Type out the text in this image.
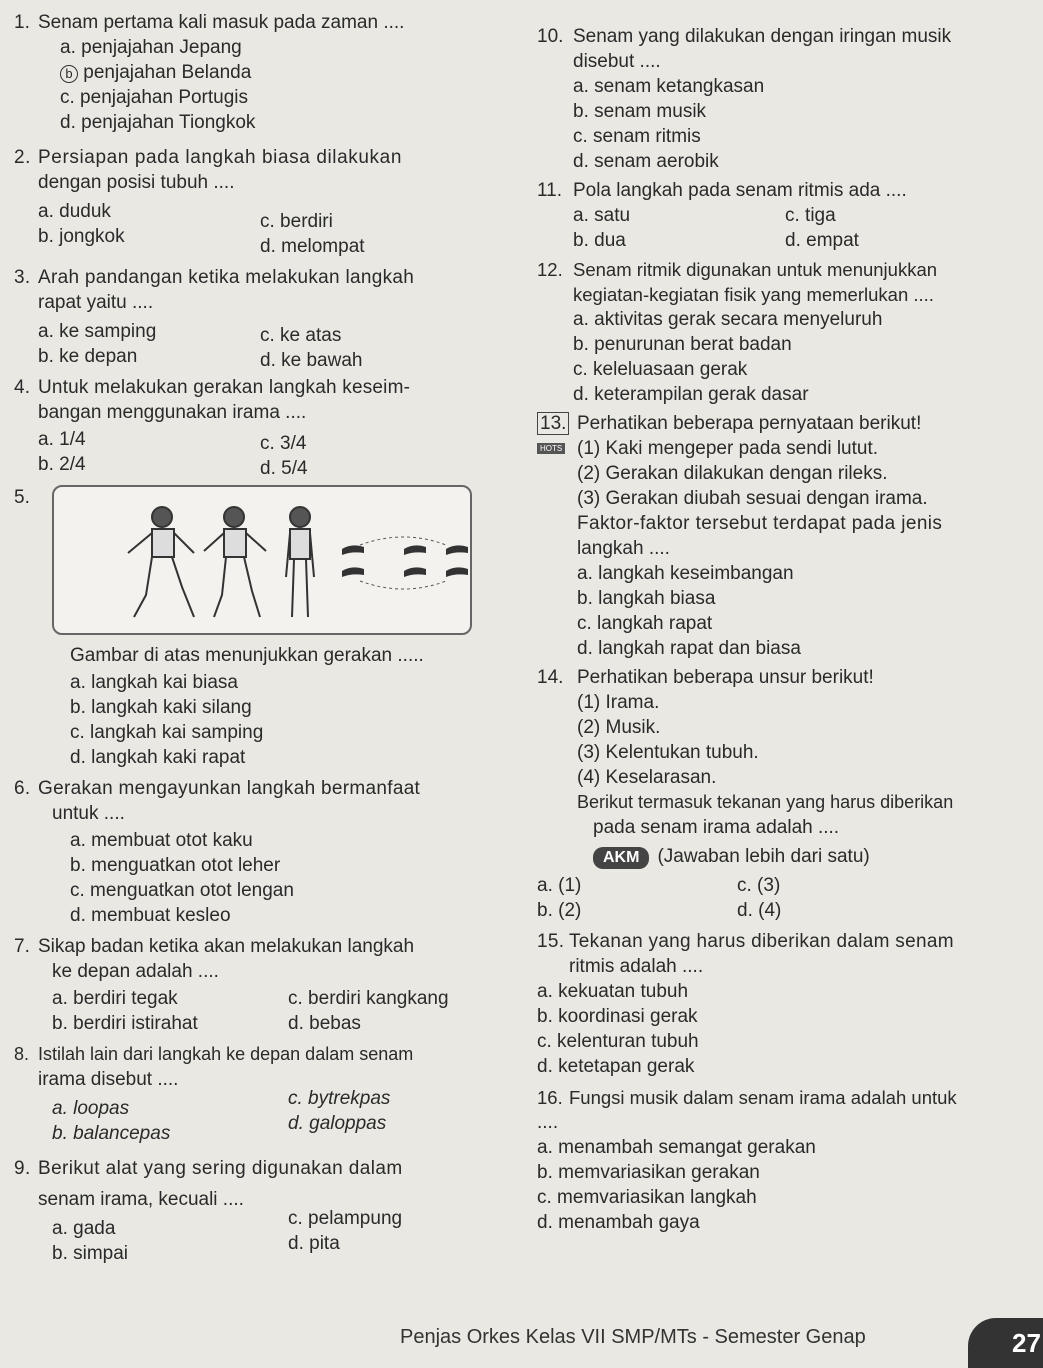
1. Senam pertama kali masuk pada zaman ....
a. penjajahan Jepang
b penjajahan Belanda
c. penjajahan Portugis
d. penjajahan Tiongkok
2. Persiapan pada langkah biasa dilakukan
dengan posisi tubuh ....
a. duduk
b. jongkok
c. berdiri
d. melompat
3. Arah pandangan ketika melakukan langkah
rapat yaitu ....
a. ke samping
b. ke depan
c. ke atas
d. ke bawah
4. Untuk melakukan gerakan langkah keseim-
bangan menggunakan irama ....
a. 1/4
b. 2/4
c. 3/4
d. 5/4
5.
Gambar di atas menunjukkan gerakan .....
a. langkah kai biasa
b. langkah kaki silang
c. langkah kai samping
d. langkah kaki rapat
6. Gerakan mengayunkan langkah bermanfaat
untuk ....
a. membuat otot kaku
b. menguatkan otot leher
c. menguatkan otot lengan
d. membuat kesleo
7. Sikap badan ketika akan melakukan langkah
ke depan adalah ....
a. berdiri tegak
b. berdiri istirahat
c. berdiri kangkang
d. bebas
8. Istilah lain dari langkah ke depan dalam senam
irama disebut ....
a. loopas
b. balancepas
c. bytrekpas
d. galoppas
9. Berikut alat yang sering digunakan dalam
senam irama, kecuali ....
a. gada
b. simpai
c. pelampung
d. pita
10. Senam yang dilakukan dengan iringan musik
disebut ....
a. senam ketangkasan
b. senam musik
c. senam ritmis
d. senam aerobik
11. Pola langkah pada senam ritmis ada ....
a. satu
b. dua
c. tiga
d. empat
12. Senam ritmik digunakan untuk menunjukkan
kegiatan-kegiatan fisik yang memerlukan ....
a. aktivitas gerak secara menyeluruh
b. penurunan berat badan
c. keleluasaan gerak
d. keterampilan gerak dasar
13. Perhatikan beberapa pernyataan berikut!
HOTS (1) Kaki mengeper pada sendi lutut.
(2) Gerakan dilakukan dengan rileks.
(3) Gerakan diubah sesuai dengan irama.
Faktor-faktor tersebut terdapat pada jenis
langkah ....
a. langkah keseimbangan
b. langkah biasa
c. langkah rapat
d. langkah rapat dan biasa
14. Perhatikan beberapa unsur berikut!
(1) Irama.
(2) Musik.
(3) Kelentukan tubuh.
(4) Keselarasan.
Berikut termasuk tekanan yang harus diberikan
pada senam irama adalah ....
AKM (Jawaban lebih dari satu)
a. (1)
b. (2)
c. (3)
d. (4)
15. Tekanan yang harus diberikan dalam senam
ritmis adalah ....
a. kekuatan tubuh
b. koordinasi gerak
c. kelenturan tubuh
d. ketetapan gerak
16. Fungsi musik dalam senam irama adalah untuk
....
a. menambah semangat gerakan
b. memvariasikan gerakan
c. memvariasikan langkah
d. menambah gaya
Penjas Orkes Kelas VII SMP/MTs - Semester Genap	27
